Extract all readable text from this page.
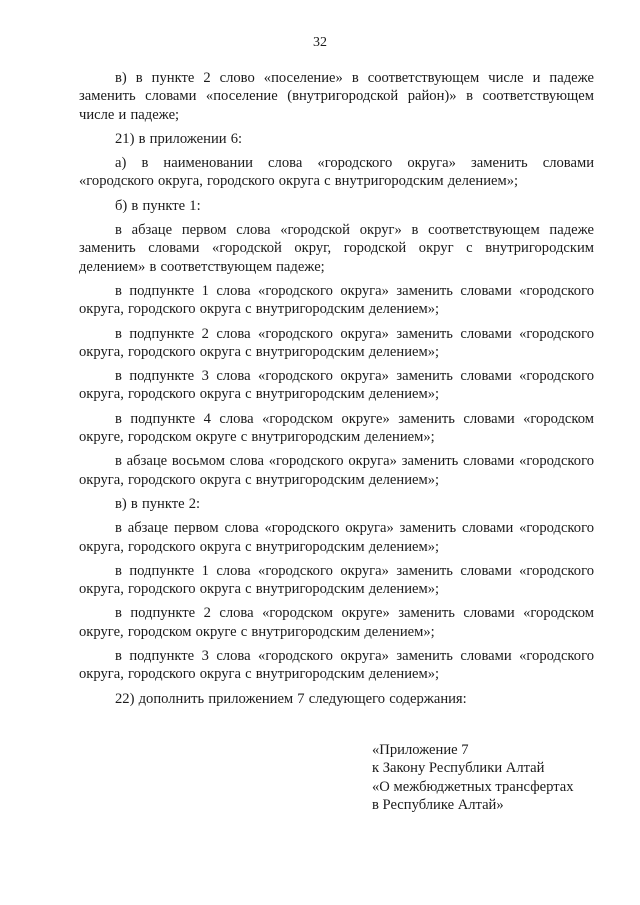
32

в) в пункте 2 слово «поселение» в соответствующем числе и падеже заменить словами «поселение (внутригородской район)» в соответствующем числе и падеже;

21) в приложении 6:

а) в наименовании слова «городского округа» заменить словами «городского округа, городского округа с внутригородским делением»;

б) в пункте 1:

в абзаце первом слова «городской округ» в соответствующем падеже заменить словами «городской округ, городской округ с внутригородским делением» в соответствующем падеже;

в подпункте 1 слова «городского округа» заменить словами «городского округа, городского округа с внутригородским делением»;

в подпункте 2 слова «городского округа» заменить словами «городского округа, городского округа с внутригородским делением»;

в подпункте 3 слова «городского округа» заменить словами «городского округа, городского округа с внутригородским делением»;

в подпункте 4 слова «городском округе» заменить словами «городском округе, городском округе с внутригородским делением»;

в абзаце восьмом слова «городского округа» заменить словами «городского округа, городского округа с внутригородским делением»;

в) в пункте 2:

в абзаце первом слова «городского округа» заменить словами «городского округа, городского округа с внутригородским делением»;

в подпункте 1 слова «городского округа» заменить словами «городского округа, городского округа с внутригородским делением»;

в подпункте 2 слова «городском округе» заменить словами «городском округе, городском округе с внутригородским делением»;

в подпункте 3 слова «городского округа» заменить словами «городского округа, городского округа с внутригородским делением»;

22) дополнить приложением 7 следующего содержания:

«Приложение 7
к Закону Республики Алтай
«О межбюджетных трансфертах
в Республике Алтай»
